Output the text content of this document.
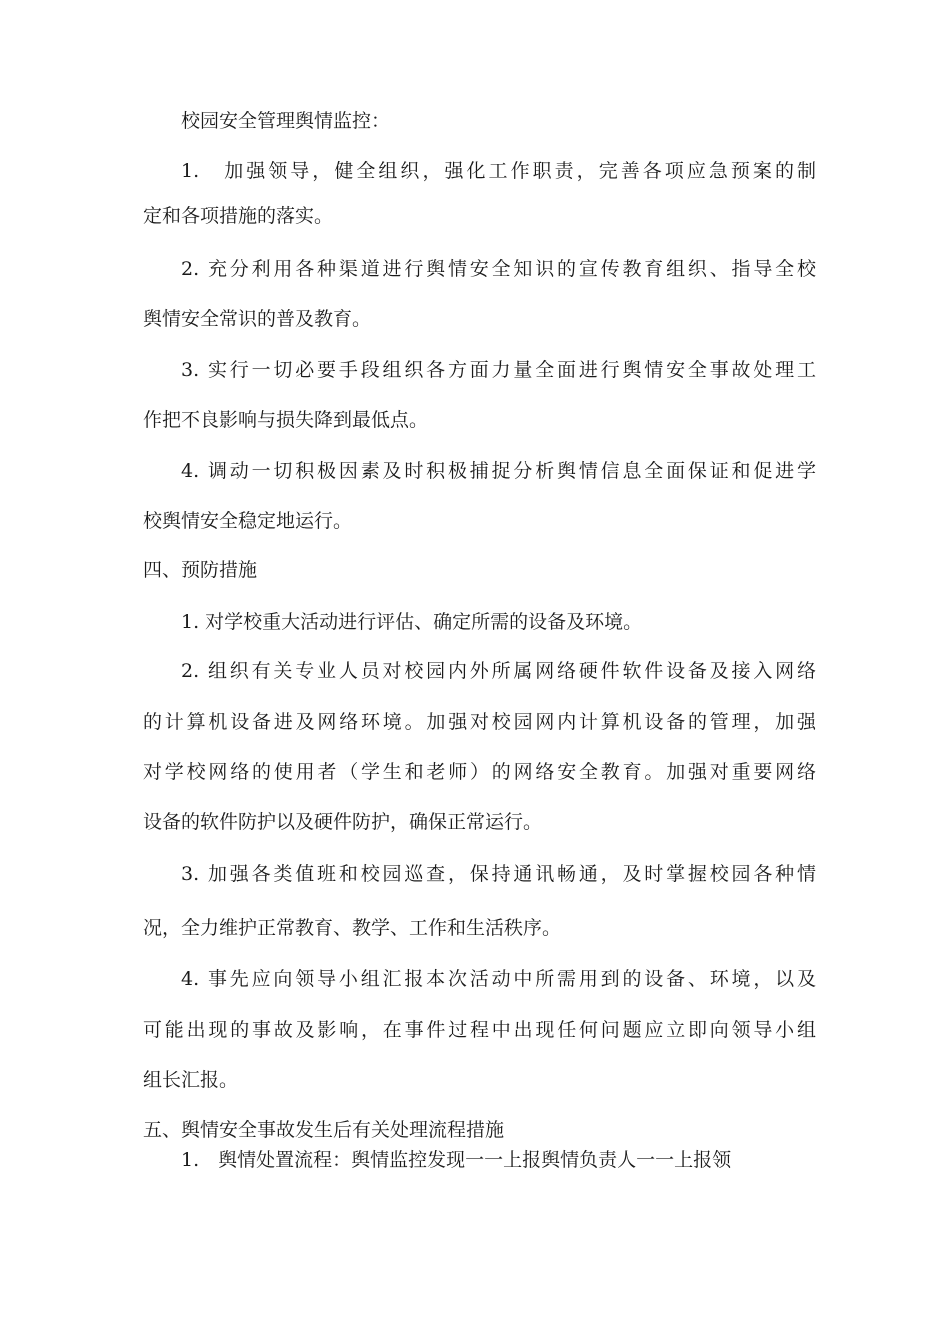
校园安全管理舆情监控：
1.　加强领导，健全组织，强化工作职责，完善各项应急预案的制
定和各项措施的落实。
2. 充分利用各种渠道进行舆情安全知识的宣传教育组织、指导全校
舆情安全常识的普及教育。
3. 实行一切必要手段组织各方面力量全面进行舆情安全事故处理工
作把不良影响与损失降到最低点。
4. 调动一切积极因素及时积极捕捉分析舆情信息全面保证和促进学
校舆情安全稳定地运行。
四、预防措施
1. 对学校重大活动进行评估、确定所需的设备及环境。
2. 组织有关专业人员对校园内外所属网络硬件软件设备及接入网络
的计算机设备进及网络环境。加强对校园网内计算机设备的管理，加强
对学校网络的使用者（学生和老师）的网络安全教育。加强对重要网络
设备的软件防护以及硬件防护，确保正常运行。
3. 加强各类值班和校园巡查，保持通讯畅通，及时掌握校园各种情
况，全力维护正常教育、教学、工作和生活秩序。
4. 事先应向领导小组汇报本次活动中所需用到的设备、环境，以及
可能出现的事故及影响，在事件过程中出现任何问题应立即向领导小组
组长汇报。
五、舆情安全事故发生后有关处理流程措施
1.　舆情处置流程：舆情监控发现一一上报舆情负责人一一上报领
